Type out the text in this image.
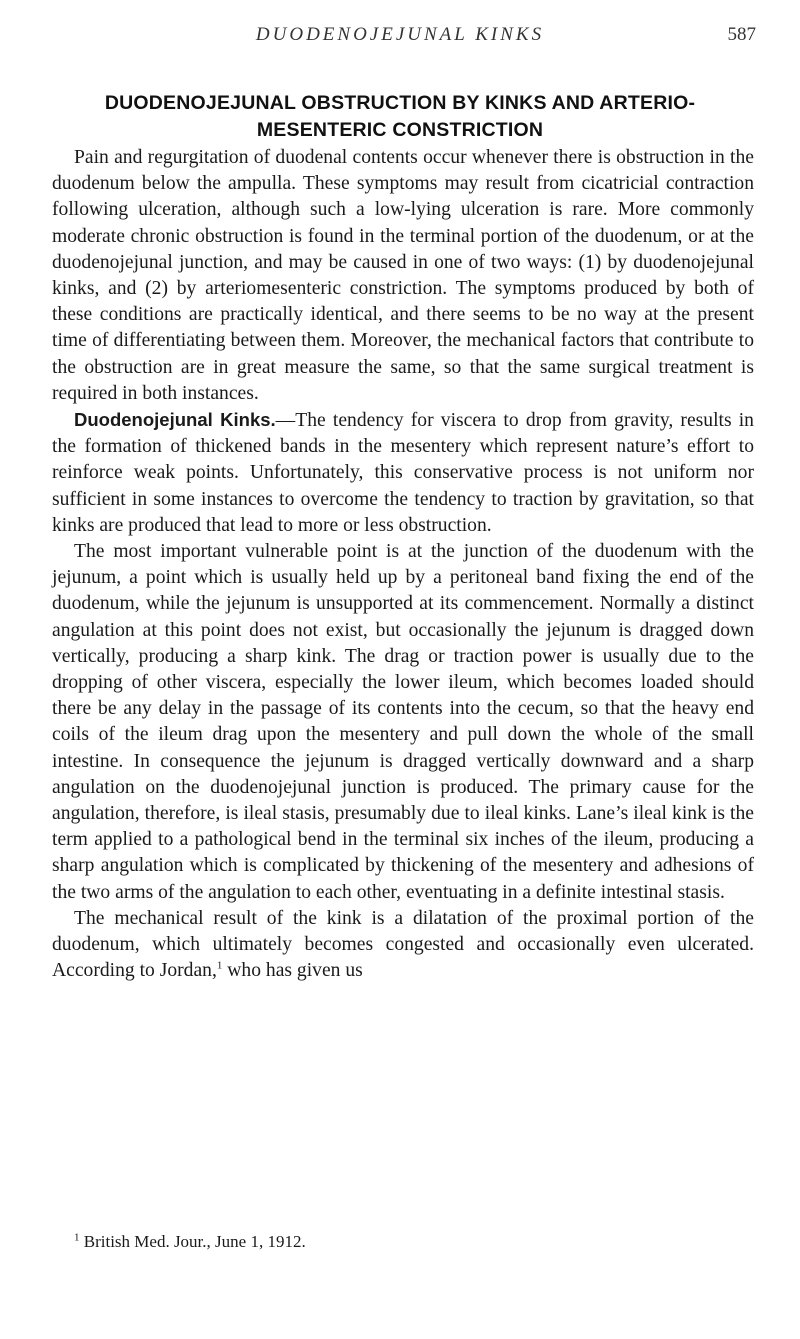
DUODENOJEJUNAL KINKS	587
DUODENOJEJUNAL OBSTRUCTION BY KINKS AND ARTERIO-MESENTERIC CONSTRICTION

Pain and regurgitation of duodenal contents occur whenever there is obstruction in the duodenum below the ampulla. These symptoms may result from cicatricial contraction following ulceration, although such a low-lying ulceration is rare. More commonly moderate chronic obstruction is found in the terminal portion of the duodenum, or at the duodenojejunal junction, and may be caused in one of two ways: (1) by duodenojejunal kinks, and (2) by arteriomesenteric constriction. The symptoms produced by both of these conditions are practically identical, and there seems to be no way at the present time of differentiating between them. Moreover, the mechanical factors that contribute to the obstruction are in great measure the same, so that the same surgical treatment is required in both instances.

Duodenojejunal Kinks.—The tendency for viscera to drop from gravity, results in the formation of thickened bands in the mesentery which represent nature’s effort to reinforce weak points. Unfortunately, this conservative process is not uniform nor sufficient in some instances to overcome the tendency to traction by gravitation, so that kinks are produced that lead to more or less obstruction.

The most important vulnerable point is at the junction of the duodenum with the jejunum, a point which is usually held up by a peritoneal band fixing the end of the duodenum, while the jejunum is unsupported at its commencement. Normally a distinct angulation at this point does not exist, but occasionally the jejunum is dragged down vertically, producing a sharp kink. The drag or traction power is usually due to the dropping of other viscera, especially the lower ileum, which becomes loaded should there be any delay in the passage of its contents into the cecum, so that the heavy end coils of the ileum drag upon the mesentery and pull down the whole of the small intestine. In consequence the jejunum is dragged vertically downward and a sharp angulation on the duodenojejunal junction is produced. The primary cause for the angulation, therefore, is ileal stasis, presumably due to ileal kinks. Lane’s ileal kink is the term applied to a pathological bend in the terminal six inches of the ileum, producing a sharp angulation which is complicated by thickening of the mesentery and adhesions of the two arms of the angulation to each other, eventuating in a definite intestinal stasis.

The mechanical result of the kink is a dilatation of the proximal portion of the duodenum, which ultimately becomes congested and occasionally even ulcerated. According to Jordan,$^1$ who has given us

$^1$ British Med. Jour., June 1, 1912.
